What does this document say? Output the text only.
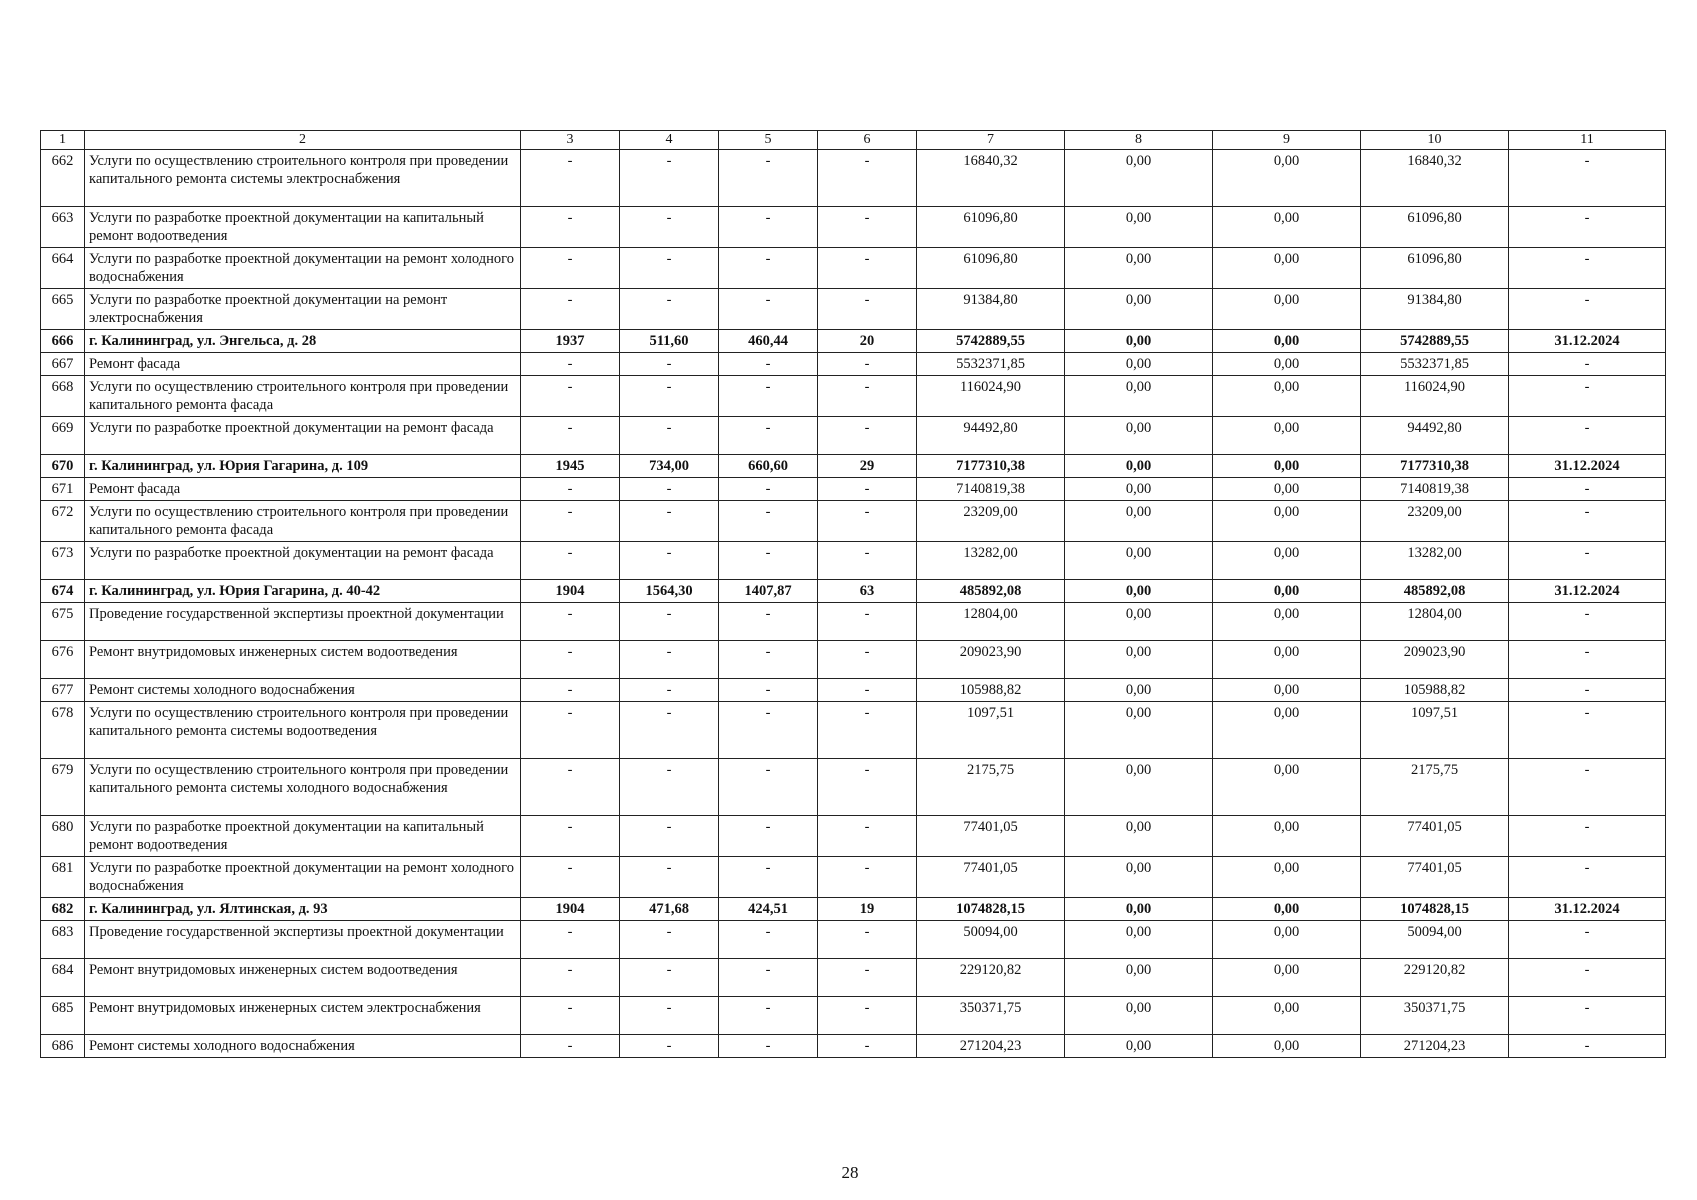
1	2	3	4	5	6	7	8	9	10	11
662	Услуги по осуществлению строительного контроля при проведении капитального ремонта системы электроснабжения	-	-	-	-	16840,32	0,00	0,00	16840,32	-
663	Услуги по разработке проектной документации на капитальный ремонт водоотведения	-	-	-	-	61096,80	0,00	0,00	61096,80	-
664	Услуги по разработке проектной документации на ремонт холодного водоснабжения	-	-	-	-	61096,80	0,00	0,00	61096,80	-
665	Услуги по разработке проектной документации на ремонт электроснабжения	-	-	-	-	91384,80	0,00	0,00	91384,80	-
666	г. Калининград, ул. Энгельса, д. 28	1937	511,60	460,44	20	5742889,55	0,00	0,00	5742889,55	31.12.2024
667	Ремонт фасада	-	-	-	-	5532371,85	0,00	0,00	5532371,85	-
668	Услуги по осуществлению строительного контроля при проведении капитального ремонта фасада	-	-	-	-	116024,90	0,00	0,00	116024,90	-
669	Услуги по разработке проектной документации на ремонт фасада	-	-	-	-	94492,80	0,00	0,00	94492,80	-
670	г. Калининград, ул. Юрия Гагарина, д. 109	1945	734,00	660,60	29	7177310,38	0,00	0,00	7177310,38	31.12.2024
671	Ремонт фасада	-	-	-	-	7140819,38	0,00	0,00	7140819,38	-
672	Услуги по осуществлению строительного контроля при проведении капитального ремонта фасада	-	-	-	-	23209,00	0,00	0,00	23209,00	-
673	Услуги по разработке проектной документации на ремонт фасада	-	-	-	-	13282,00	0,00	0,00	13282,00	-
674	г. Калининград, ул. Юрия Гагарина, д. 40-42	1904	1564,30	1407,87	63	485892,08	0,00	0,00	485892,08	31.12.2024
675	Проведение государственной экспертизы проектной документации	-	-	-	-	12804,00	0,00	0,00	12804,00	-
676	Ремонт внутридомовых инженерных систем водоотведения	-	-	-	-	209023,90	0,00	0,00	209023,90	-
677	Ремонт системы холодного водоснабжения	-	-	-	-	105988,82	0,00	0,00	105988,82	-
678	Услуги по осуществлению строительного контроля при проведении капитального ремонта системы водоотведения	-	-	-	-	1097,51	0,00	0,00	1097,51	-
679	Услуги по осуществлению строительного контроля при проведении капитального ремонта системы холодного водоснабжения	-	-	-	-	2175,75	0,00	0,00	2175,75	-
680	Услуги по разработке проектной документации на капитальный ремонт водоотведения	-	-	-	-	77401,05	0,00	0,00	77401,05	-
681	Услуги по разработке проектной документации на ремонт холодного водоснабжения	-	-	-	-	77401,05	0,00	0,00	77401,05	-
682	г. Калининград, ул. Ялтинская, д. 93	1904	471,68	424,51	19	1074828,15	0,00	0,00	1074828,15	31.12.2024
683	Проведение государственной экспертизы проектной документации	-	-	-	-	50094,00	0,00	0,00	50094,00	-
684	Ремонт внутридомовых инженерных систем водоотведения	-	-	-	-	229120,82	0,00	0,00	229120,82	-
685	Ремонт внутридомовых инженерных систем электроснабжения	-	-	-	-	350371,75	0,00	0,00	350371,75	-
686	Ремонт системы холодного водоснабжения	-	-	-	-	271204,23	0,00	0,00	271204,23	-
28
